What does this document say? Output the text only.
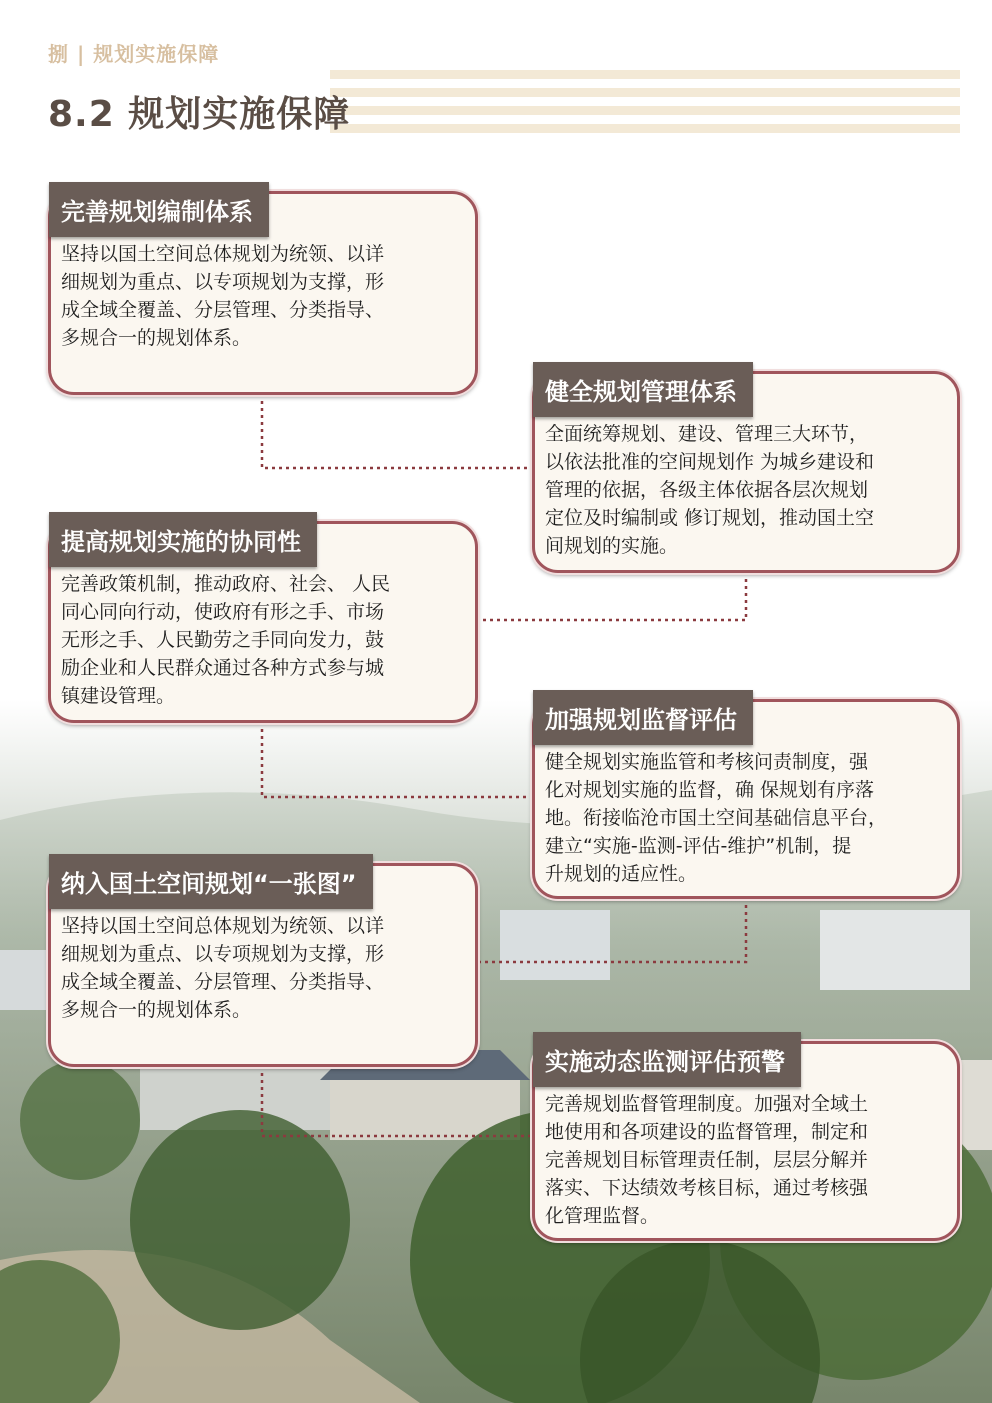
捌 | 规划实施保障
8.2 规划实施保障
完善规划编制体系
坚持以国土空间总体规划为统领、以详
细规划为重点、以专项规划为支撑，形
成全域全覆盖、分层管理、分类指导、
多规合一的规划体系。
健全规划管理体系
全面统筹规划、建设、管理三大环节，
以依法批准的空间规划作 为城乡建设和
管理的依据，各级主体依据各层次规划
定位及时编制或 修订规划，推动国土空
间规划的实施。
提高规划实施的协同性
完善政策机制，推动政府、社会、 人民
同心同向行动，使政府有形之手、市场
无形之手、人民勤劳之手同向发力，鼓
励企业和人民群众通过各种方式参与城
镇建设管理。
加强规划监督评估
健全规划实施监管和考核问责制度，强
化对规划实施的监督，确 保规划有序落
地。衔接临沧市国土空间基础信息平台，
建立“实施-监测-评估-维护”机制，提
升规划的适应性。
纳入国土空间规划“一张图”
坚持以国土空间总体规划为统领、以详
细规划为重点、以专项规划为支撑，形
成全域全覆盖、分层管理、分类指导、
多规合一的规划体系。
实施动态监测评估预警
完善规划监督管理制度。加强对全域土
地使用和各项建设的监督管理，制定和
完善规划目标管理责任制，层层分解并
落实、下达绩效考核目标，通过考核强
化管理监督。
